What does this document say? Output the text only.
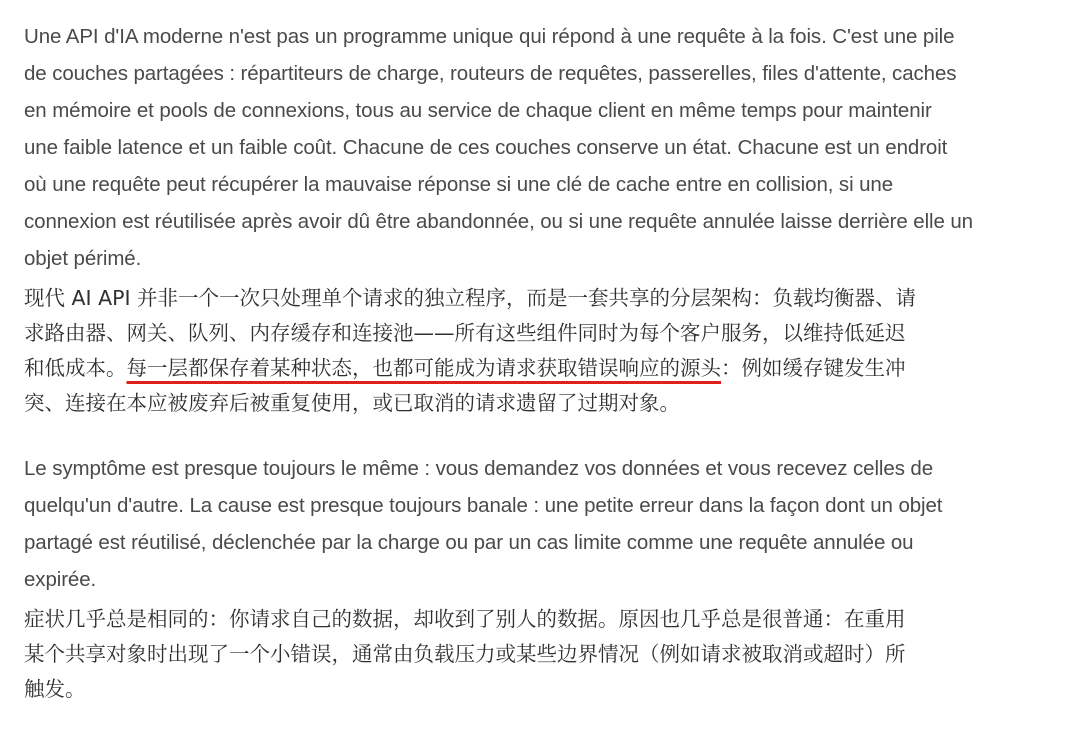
Une API d'IA moderne n'est pas un programme unique qui répond à une requête à la fois. C'est une pile
de couches partagées : répartiteurs de charge, routeurs de requêtes, passerelles, files d'attente, caches
en mémoire et pools de connexions, tous au service de chaque client en même temps pour maintenir
une faible latence et un faible coût. Chacune de ces couches conserve un état. Chacune est un endroit
où une requête peut récupérer la mauvaise réponse si une clé de cache entre en collision, si une
connexion est réutilisée après avoir dû être abandonnée, ou si une requête annulée laisse derrière elle un
objet périmé.

现代 AI API 并非一个一次只处理单个请求的独立程序，而是一套共享的分层架构：负载均衡器、请
求路由器、网关、队列、内存缓存和连接池——所有这些组件同时为每个客户服务，以维持低延迟
和低成本。每一层都保存着某种状态，也都可能成为请求获取错误响应的源头：例如缓存键发生冲
突、连接在本应被废弃后被重复使用，或已取消的请求遗留了过期对象。

Le symptôme est presque toujours le même : vous demandez vos données et vous recevez celles de
quelqu'un d'autre. La cause est presque toujours banale : une petite erreur dans la façon dont un objet
partagé est réutilisé, déclenchée par la charge ou par un cas limite comme une requête annulée ou
expirée.

症状几乎总是相同的：你请求自己的数据，却收到了别人的数据。原因也几乎总是很普通：在重用
某个共享对象时出现了一个小错误，通常由负载压力或某些边界情况（例如请求被取消或超时）所
触发。
